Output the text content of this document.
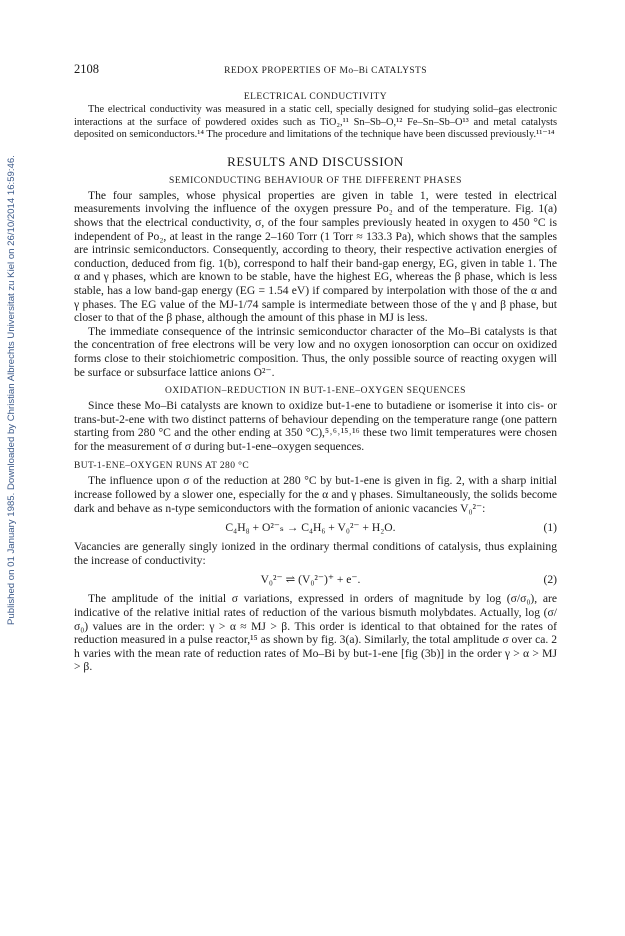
Published on 01 January 1985. Downloaded by Christian Albrechts Universitat zu Kiel on 26/10/2014 16:59:46.
2108	REDOX PROPERTIES OF Mo–Bi CATALYSTS
ELECTRICAL CONDUCTIVITY

The electrical conductivity was measured in a static cell, specially designed for studying solid–gas electronic interactions at the surface of powdered oxides such as TiO₂,¹¹ Sn–Sb–O,¹² Fe–Sn–Sb–O¹³ and metal catalysts deposited on semiconductors.¹⁴ The procedure and limitations of the technique have been discussed previously.¹¹⁻¹⁴

RESULTS AND DISCUSSION
SEMICONDUCTING BEHAVIOUR OF THE DIFFERENT PHASES

The four samples, whose physical properties are given in table 1, were tested in electrical measurements involving the influence of the oxygen pressure Po₂ and of the temperature. Fig. 1(a) shows that the electrical conductivity, σ, of the four samples previously heated in oxygen to 450 °C is independent of Po₂, at least in the range 2–160 Torr (1 Torr ≈ 133.3 Pa), which shows that the samples are intrinsic semiconductors. Consequently, according to theory, their respective activation energies of conduction, deduced from fig. 1(b), correspond to half their band-gap energy, EG, given in table 1. The α and γ phases, which are known to be stable, have the highest EG, whereas the β phase, which is less stable, has a low band-gap energy (EG = 1.54 eV) if compared by interpolation with those of the α and γ phases. The EG value of the MJ-1/74 sample is intermediate between those of the γ and β phase, but closer to that of the β phase, although the amount of this phase in MJ is less.

The immediate consequence of the intrinsic semiconductor character of the Mo–Bi catalysts is that the concentration of free electrons will be very low and no oxygen ionosorption can occur on oxidized forms close to their stoichiometric composition. Thus, the only possible source of reacting oxygen will be surface or subsurface lattice anions O²⁻.

OXIDATION–REDUCTION IN BUT-1-ENE–OXYGEN SEQUENCES

Since these Mo–Bi catalysts are known to oxidize but-1-ene to butadiene or isomerise it into cis- or trans-but-2-ene with two distinct patterns of behaviour depending on the temperature range (one pattern starting from 280 °C and the other ending at 350 °C),⁵˒⁶˒¹⁵˒¹⁶ these two limit temperatures were chosen for the measurement of σ during but-1-ene–oxygen sequences.

BUT-1-ENE–OXYGEN RUNS AT 280 °C

The influence upon σ of the reduction at 280 °C by but-1-ene is given in fig. 2, with a sharp initial increase followed by a slower one, especially for the α and γ phases. Simultaneously, the solids become dark and behave as n-type semiconductors with the formation of anionic vacancies V₀²⁻:

C₄H₈ + O²⁻ₛ → C₄H₆ + V₀²⁻ + H₂O.	(1)

Vacancies are generally singly ionized in the ordinary thermal conditions of catalysis, thus explaining the increase of conductivity:

V₀²⁻ ⇌ (V₀²⁻)⁺ + e⁻.	(2)

The amplitude of the initial σ variations, expressed in orders of magnitude by log (σ/σ₀), are indicative of the relative initial rates of reduction of the various bismuth molybdates. Actually, log (σ/σ₀) values are in the order: γ > α ≈ MJ > β. This order is identical to that obtained for the rates of reduction measured in a pulse reactor,¹⁵ as shown by fig. 3(a). Similarly, the total amplitude σ over ca. 2 h varies with the mean rate of reduction rates of Mo–Bi by but-1-ene [fig (3b)] in the order γ > α > MJ > β.
